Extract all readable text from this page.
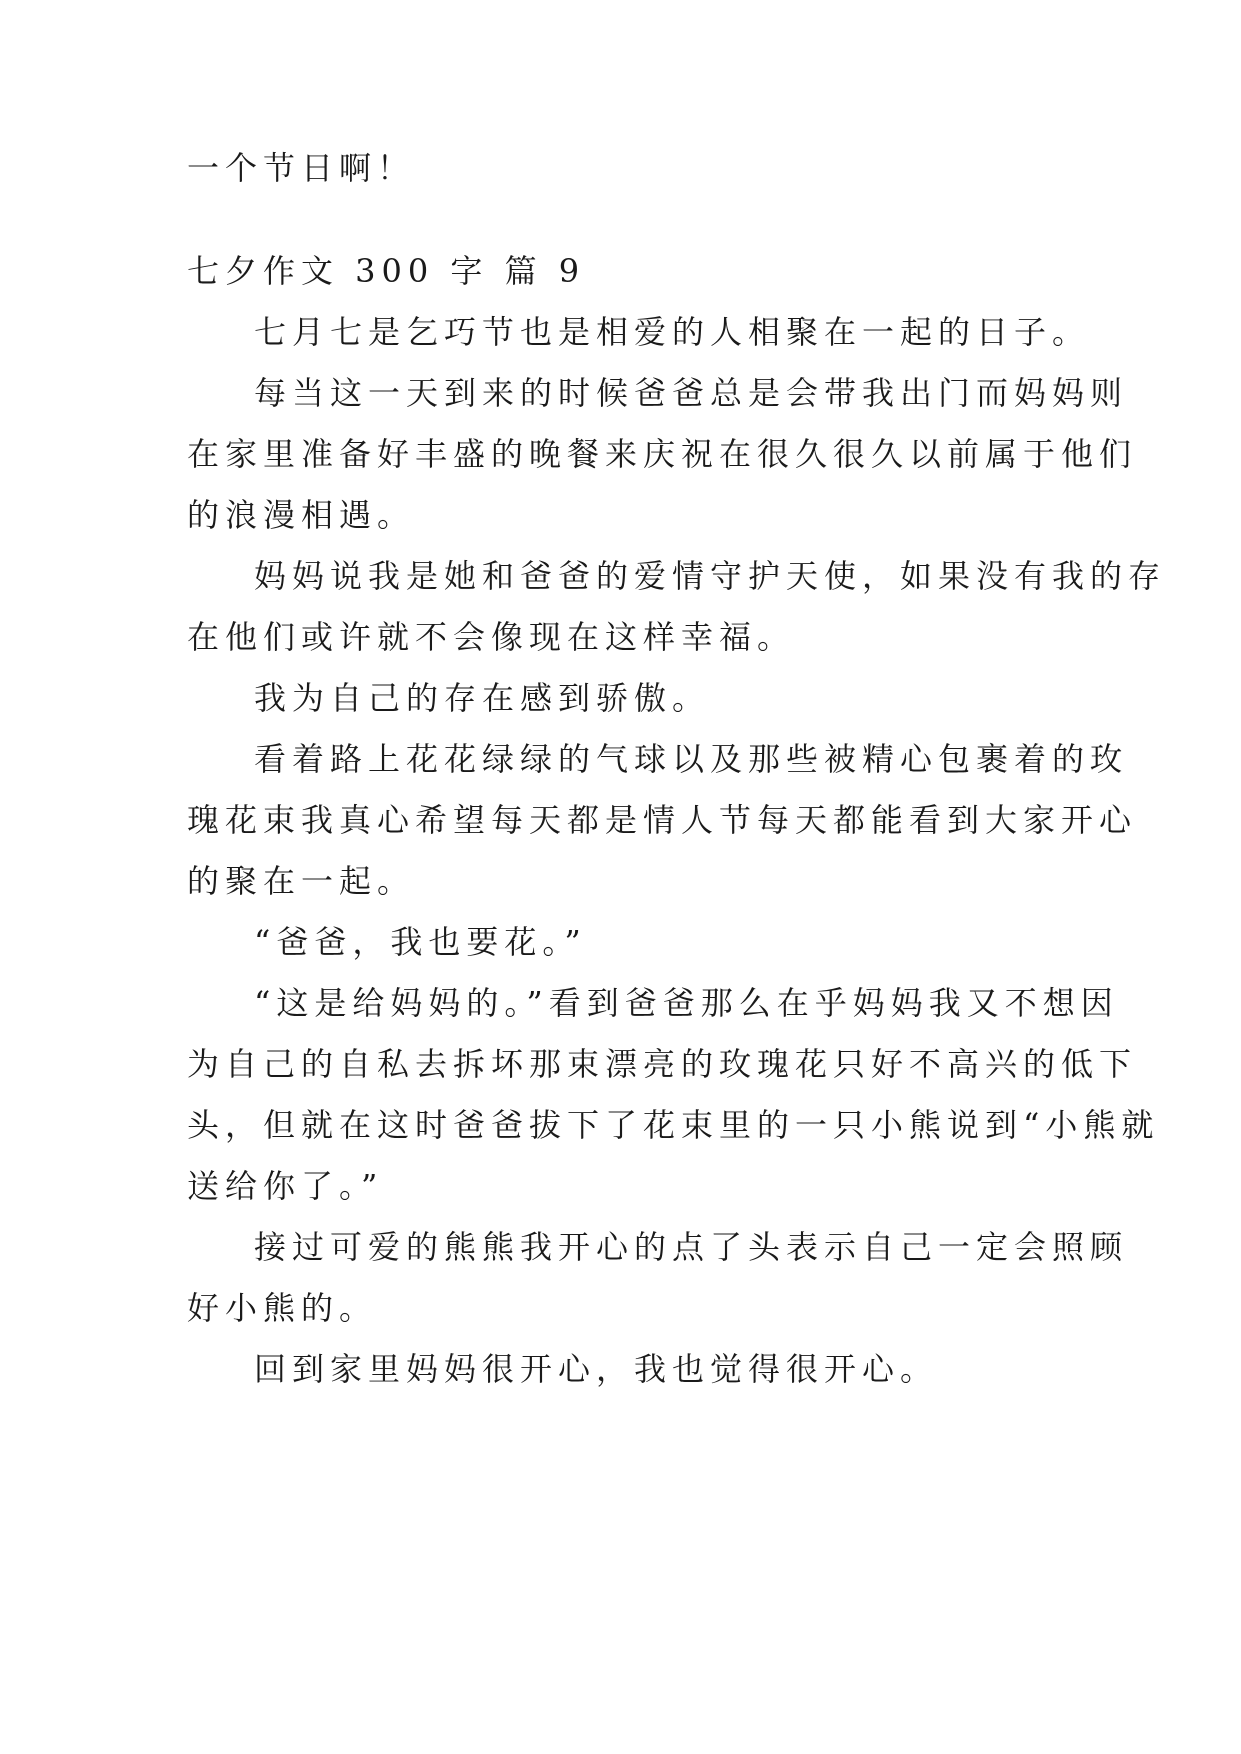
一个节日啊！
七夕作文 300 字 篇 9
七月七是乞巧节也是相爱的人相聚在一起的日子。
每当这一天到来的时候爸爸总是会带我出门而妈妈则
在家里准备好丰盛的晚餐来庆祝在很久很久以前属于他们
的浪漫相遇。
妈妈说我是她和爸爸的爱情守护天使，如果没有我的存
在他们或许就不会像现在这样幸福。
我为自己的存在感到骄傲。
看着路上花花绿绿的气球以及那些被精心包裹着的玫
瑰花束我真心希望每天都是情人节每天都能看到大家开心
的聚在一起。
“爸爸，我也要花。”
“这是给妈妈的。”看到爸爸那么在乎妈妈我又不想因
为自己的自私去拆坏那束漂亮的玫瑰花只好不高兴的低下
头，但就在这时爸爸拔下了花束里的一只小熊说到“小熊就
送给你了。”
接过可爱的熊熊我开心的点了头表示自己一定会照顾
好小熊的。
回到家里妈妈很开心，我也觉得很开心。
